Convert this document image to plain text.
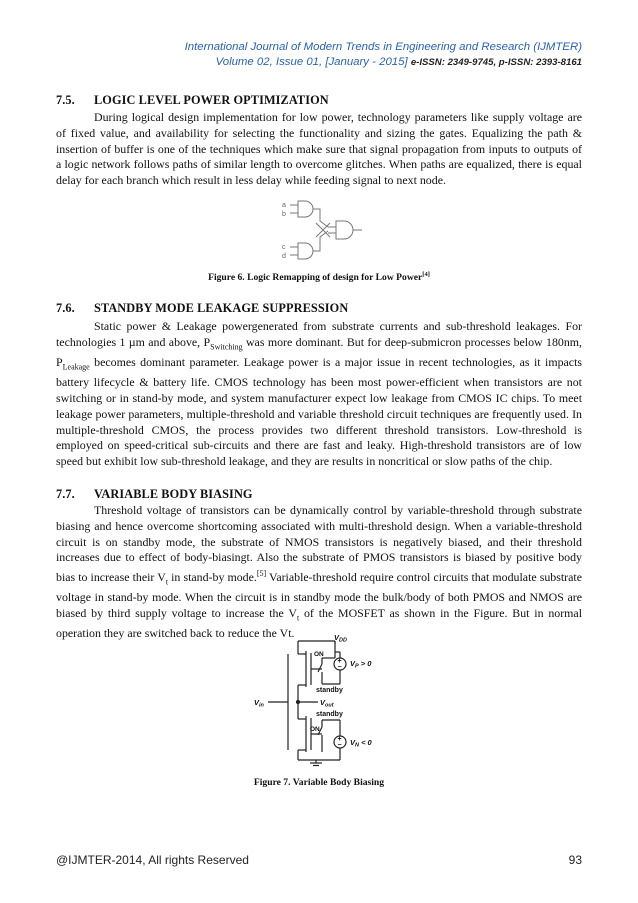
International Journal of Modern Trends in Engineering and Research (IJMTER)
Volume 02, Issue 01, [January - 2015] e-ISSN: 2349-9745, p-ISSN: 2393-8161
7.5. LOGIC LEVEL POWER OPTIMIZATION

During logical design implementation for low power, technology parameters like supply voltage are of fixed value, and availability for selecting the functionality and sizing the gates. Equalizing the path & insertion of buffer is one of the techniques which make sure that signal propagation from inputs to outputs of a logic network follows paths of similar length to overcome glitches. When paths are equalized, there is equal delay for each branch which result in less delay while feeding signal to next node.

a
b
c
d
Figure 6. Logic Remapping of design for Low Power[4]
7.6. STANDBY MODE LEAKAGE SUPPRESSION

Static power & Leakage powergenerated from substrate currents and sub-threshold leakages. For technologies 1 µm and above, $P_{Switching}$ was more dominant. But for deep-submicron processes below 180nm, $P_{Leakage}$ becomes dominant parameter. Leakage power is a major issue in recent technologies, as it impacts battery lifecycle & battery life. CMOS technology has been most power-efficient when transistors are not switching or in stand-by mode, and system manufacturer expect low leakage from CMOS IC chips. To meet leakage power parameters, multiple-threshold and variable threshold circuit techniques are frequently used. In multiple-threshold CMOS, the process provides two different threshold transistors. Low-threshold is employed on speed-critical sub-circuits and there are fast and leaky. High-threshold transistors are of low speed but exhibit low sub-threshold leakage, and they are results in noncritical or slow paths of the chip.

7.7. VARIABLE BODY BIASING

Threshold voltage of transistors can be dynamically control by variable-threshold through substrate biasing and hence overcome shortcoming associated with multi-threshold design. When a variable-threshold circuit is on standby mode, the substrate of NMOS transistors is negatively biased, and their threshold increases due to effect of body-biasingt. Also the substrate of PMOS transistors is biased by positive body bias to increase their $V_t$ in stand-by mode.[5] Variable-threshold require control circuits that modulate substrate voltage in stand-by mode. When the circuit is in standby mode the bulk/body of both PMOS and NMOS are biased by third supply voltage to increase the $V_t$ of the MOSFET as shown in the Figure. But in normal operation they are switched back to reduce the Vt.	$V_{DD}$
ON
+
− $V_P > 0$
standby
$V_{in}$	$V_{out}$
standby
ON
+
− $V_N < 0$
Figure 7. Variable Body Biasing
@IJMTER-2014, All rights Reserved	93
